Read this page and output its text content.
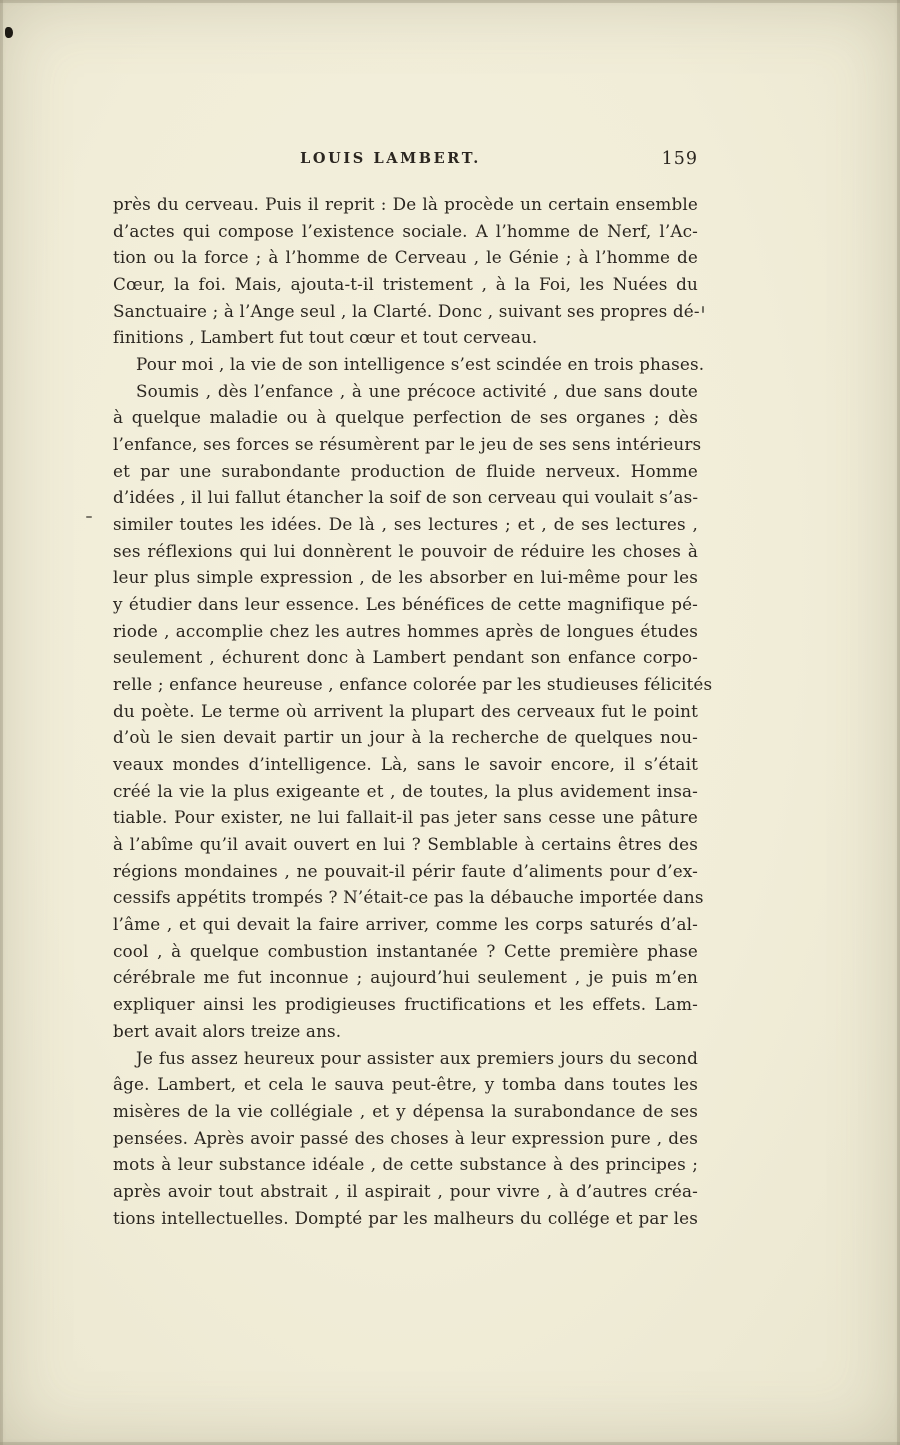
LOUIS LAMBERT.	159
près du cerveau. Puis il reprit : De là procède un certain ensemble
d’actes qui compose l’existence sociale. A l’homme de Nerf, l’Ac-
tion ou la force ; à l’homme de Cerveau , le Génie ; à l’homme de
Cœur, la foi. Mais, ajouta-t-il tristement , à la Foi, les Nuées du
Sanctuaire ; à l’Ange seul , la Clarté. Donc , suivant ses propres dé-
finitions , Lambert fut tout cœur et tout cerveau.
Pour moi , la vie de son intelligence s’est scindée en trois phases.
Soumis , dès l’enfance , à une précoce activité , due sans doute
à quelque maladie ou à quelque perfection de ses organes ; dès
l’enfance, ses forces se résumèrent par le jeu de ses sens intérieurs
et par une surabondante production de fluide nerveux. Homme
d’idées , il lui fallut étancher la soif de son cerveau qui voulait s’as-
similer toutes les idées. De là , ses lectures ; et , de ses lectures ,
ses réflexions qui lui donnèrent le pouvoir de réduire les choses à
leur plus simple expression , de les absorber en lui-même pour les
y étudier dans leur essence. Les bénéfices de cette magnifique pé-
riode , accomplie chez les autres hommes après de longues études
seulement , échurent donc à Lambert pendant son enfance corpo-
relle ; enfance heureuse , enfance colorée par les studieuses félicités
du poète. Le terme où arrivent la plupart des cerveaux fut le point
d’où le sien devait partir un jour à la recherche de quelques nou-
veaux mondes d’intelligence. Là, sans le savoir encore, il s’était
créé la vie la plus exigeante et , de toutes, la plus avidement insa-
tiable. Pour exister, ne lui fallait-il pas jeter sans cesse une pâture
à l’abîme qu’il avait ouvert en lui ? Semblable à certains êtres des
régions mondaines , ne pouvait-il périr faute d’aliments pour d’ex-
cessifs appétits trompés ? N’était-ce pas la débauche importée dans
l’âme , et qui devait la faire arriver, comme les corps saturés d’al-
cool , à quelque combustion instantanée ? Cette première phase
cérébrale me fut inconnue ; aujourd’hui seulement , je puis m’en
expliquer ainsi les prodigieuses fructifications et les effets. Lam-
bert avait alors treize ans.
Je fus assez heureux pour assister aux premiers jours du second
âge. Lambert, et cela le sauva peut-être, y tomba dans toutes les
misères de la vie collégiale , et y dépensa la surabondance de ses
pensées. Après avoir passé des choses à leur expression pure , des
mots à leur substance idéale , de cette substance à des principes ;
après avoir tout abstrait , il aspirait , pour vivre , à d’autres créa-
tions intellectuelles. Dompté par les malheurs du collége et par les
